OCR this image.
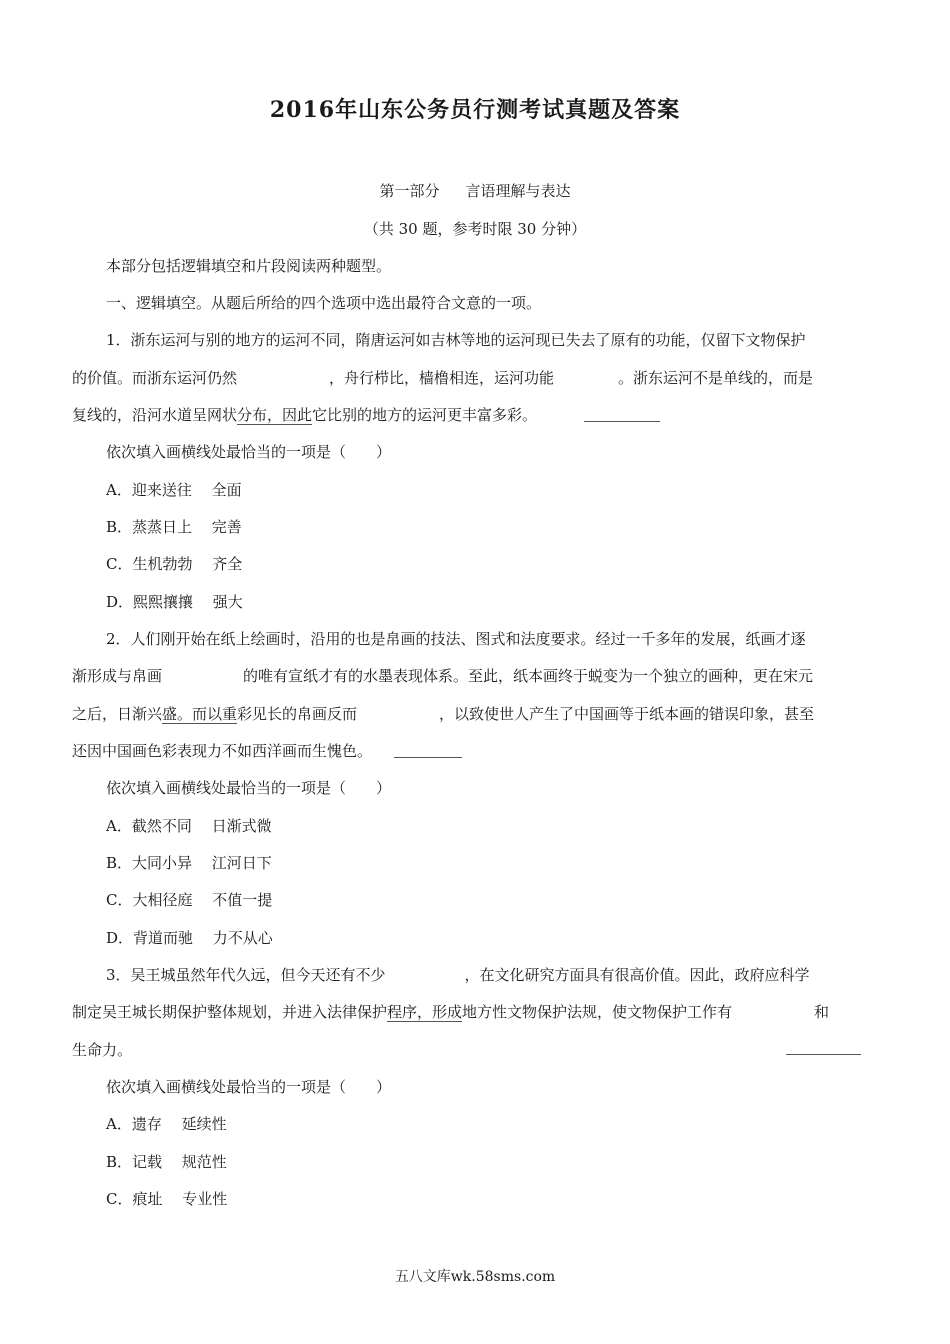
2016年山东公务员行测考试真题及答案
第一部分 言语理解与表达
（共 30 题，参考时限 30 分钟）
本部分包括逻辑填空和片段阅读两种题型。
一、逻辑填空。从题后所给的四个选项中选出最符合文意的一项。
1．浙东运河与别的地方的运河不同，隋唐运河如吉林等地的运河现已失去了原有的功能，仅留下文物保护
的价值。而浙东运河仍然	，舟行栉比，樯橹相连，运河功能	。浙东运河不是单线的，而是
复线的，沿河水道呈网状分布，因此它比别的地方的运河更丰富多彩。
依次填入画横线处最恰当的一项是（　　）
A．迎来送往　 全面
B．蒸蒸日上　 完善
C．生机勃勃　 齐全
D．熙熙攘攘　 强大
2．人们刚开始在纸上绘画时，沿用的也是帛画的技法、图式和法度要求。经过一千多年的发展，纸画才逐
渐形成与帛画	的唯有宣纸才有的水墨表现体系。至此，纸本画终于蜕变为一个独立的画种，更在宋元
之后，日渐兴盛。而以重彩见长的帛画反而	，以致使世人产生了中国画等于纸本画的错误印象，甚至
还因中国画色彩表现力不如西洋画而生愧色。
依次填入画横线处最恰当的一项是（　　）
A．截然不同　 日渐式微
B．大同小异　 江河日下
C．大相径庭　 不值一提
D．背道而驰　 力不从心
3．吴王城虽然年代久远，但今天还有不少	，在文化研究方面具有很高价值。因此，政府应科学
制定吴王城长期保护整体规划，并进入法律保护程序，形成地方性文物保护法规，使文物保护工作有	和
生命力。
依次填入画横线处最恰当的一项是（　　）
A．遗存　 延续性
B．记载　 规范性
C．痕址　 专业性
五八文库wk.58sms.com
